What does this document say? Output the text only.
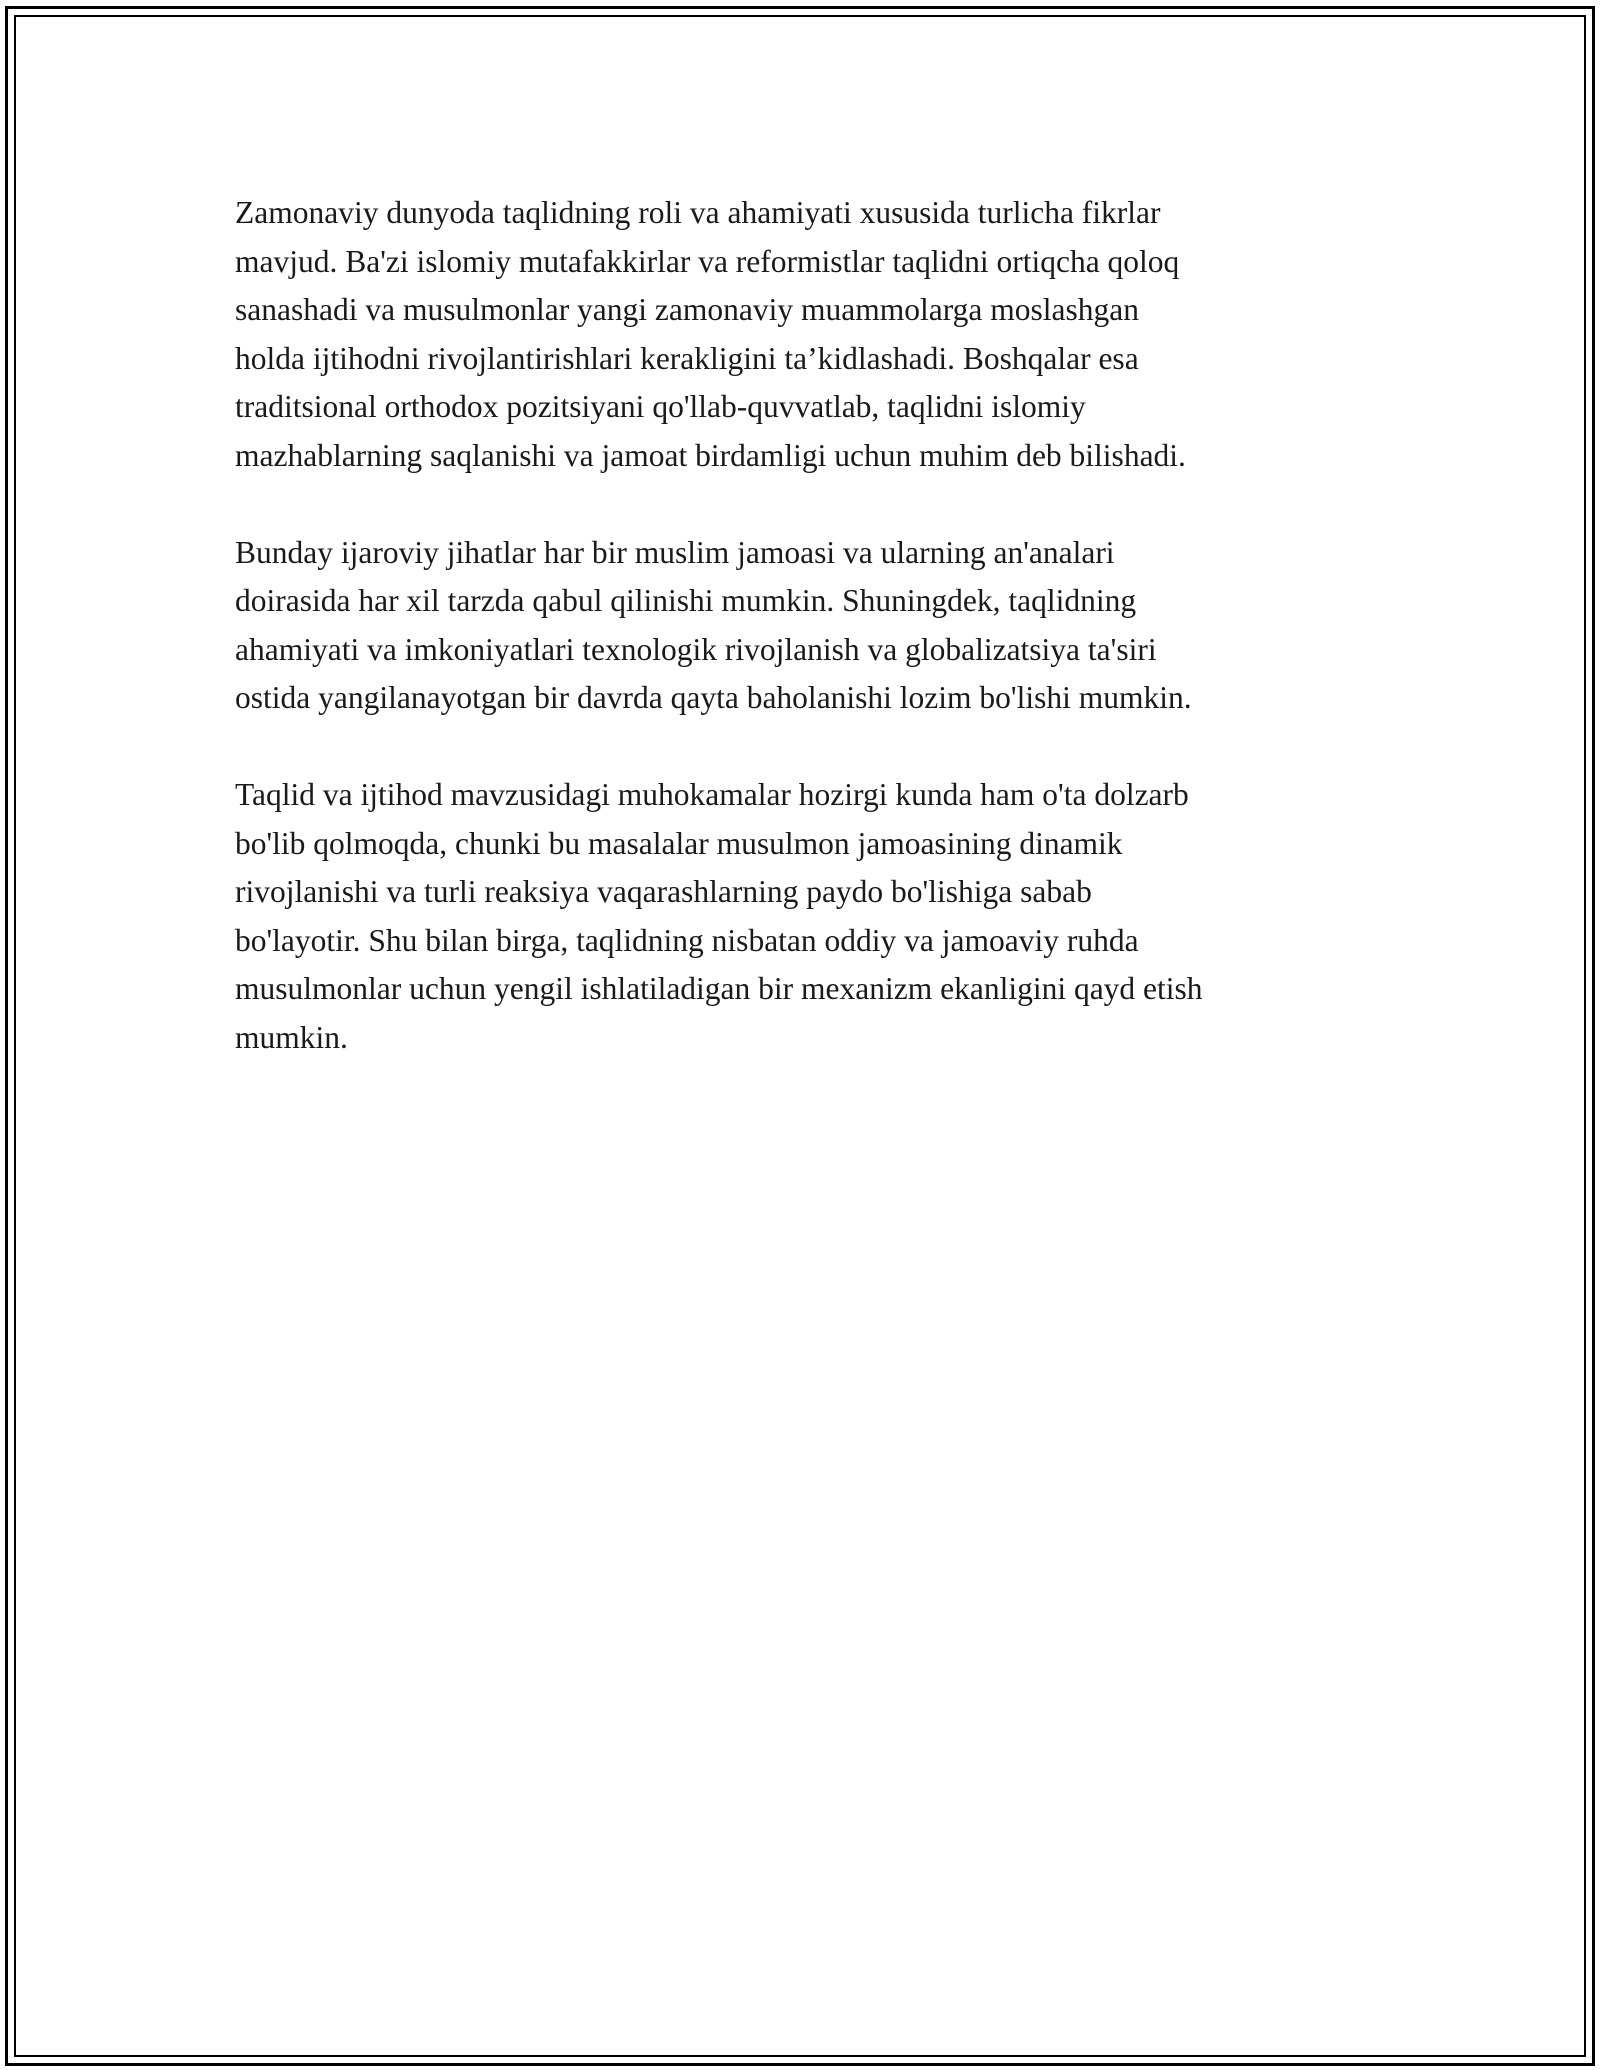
Zamonaviy dunyoda taqlidning roli va ahamiyati xususida turlicha fikrlar
mavjud. Ba'zi islomiy mutafakkirlar va reformistlar taqlidni ortiqcha qoloq
sanashadi va musulmonlar yangi zamonaviy muammolarga moslashgan
holda ijtihodni rivojlantirishlari kerakligini ta’kidlashadi. Boshqalar esa
traditsional orthodox pozitsiyani qo'llab-quvvatlab, taqlidni islomiy
mazhablarning saqlanishi va jamoat birdamligi uchun muhim deb bilishadi.

Bunday ijaroviy jihatlar har bir muslim jamoasi va ularning an'analari
doirasida har xil tarzda qabul qilinishi mumkin. Shuningdek, taqlidning
ahamiyati va imkoniyatlari texnologik rivojlanish va globalizatsiya ta'siri
ostida yangilanayotgan bir davrda qayta baholanishi lozim bo'lishi mumkin.

Taqlid va ijtihod mavzusidagi muhokamalar hozirgi kunda ham o'ta dolzarb
bo'lib qolmoqda, chunki bu masalalar musulmon jamoasining dinamik
rivojlanishi va turli reaksiya vaqarashlarning paydo bo'lishiga sabab
bo'layotir. Shu bilan birga, taqlidning nisbatan oddiy va jamoaviy ruhda
musulmonlar uchun yengil ishlatiladigan bir mexanizm ekanligini qayd etish
mumkin.
